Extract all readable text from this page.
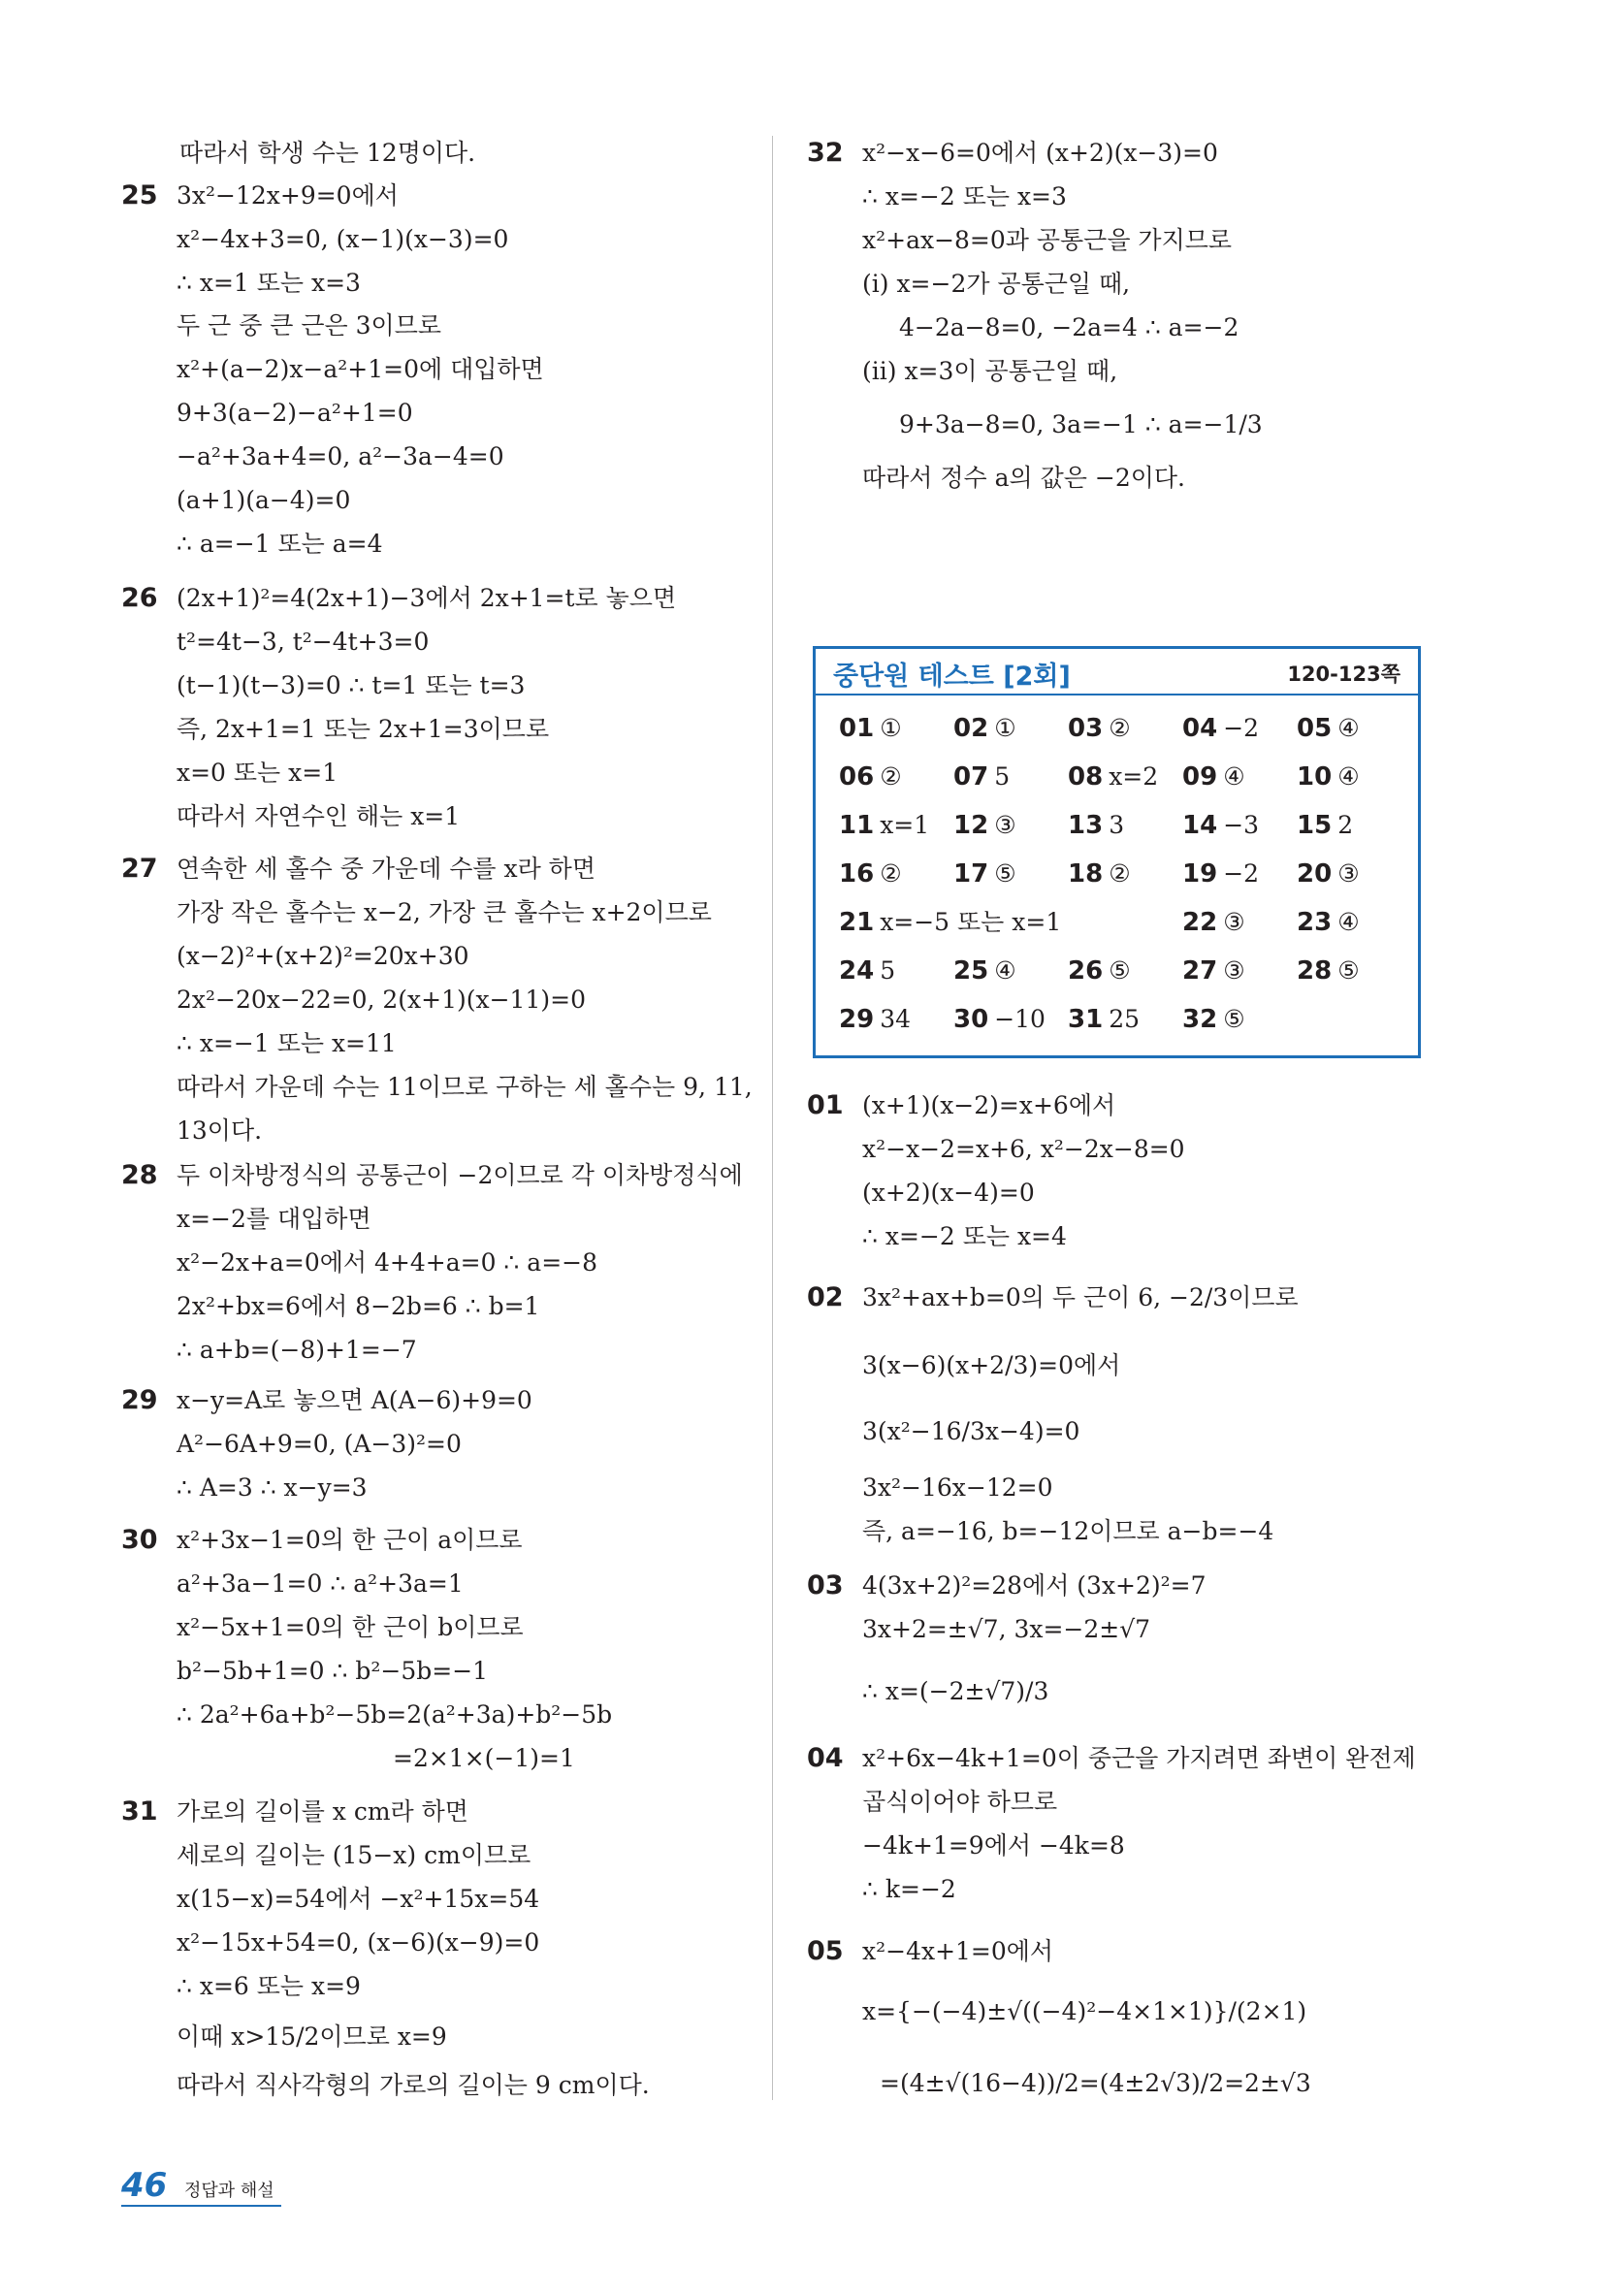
따라서 학생 수는 12명이다.
25 3x²−12x+9=0에서
x²−4x+3=0, (x−1)(x−3)=0
∴ x=1 또는 x=3
두 근 중 큰 근은 3이므로
x²+(a−2)x−a²+1=0에 대입하면
9+3(a−2)−a²+1=0
−a²+3a+4=0, a²−3a−4=0
(a+1)(a−4)=0
∴ a=−1 또는 a=4
26 (2x+1)²=4(2x+1)−3에서 2x+1=t로 놓으면
t²=4t−3, t²−4t+3=0
(t−1)(t−3)=0 ∴ t=1 또는 t=3
즉, 2x+1=1 또는 2x+1=3이므로
x=0 또는 x=1
따라서 자연수인 해는 x=1
27 연속한 세 홀수 중 가운데 수를 x라 하면
가장 작은 홀수는 x−2, 가장 큰 홀수는 x+2이므로
(x−2)²+(x+2)²=20x+30
2x²−20x−22=0, 2(x+1)(x−11)=0
∴ x=−1 또는 x=11
따라서 가운데 수는 11이므로 구하는 세 홀수는 9, 11,
13이다.
28 두 이차방정식의 공통근이 −2이므로 각 이차방정식에
x=−2를 대입하면
x²−2x+a=0에서 4+4+a=0 ∴ a=−8
2x²+bx=6에서 8−2b=6 ∴ b=1
∴ a+b=(−8)+1=−7
29 x−y=A로 놓으면 A(A−6)+9=0
A²−6A+9=0, (A−3)²=0
∴ A=3 ∴ x−y=3
30 x²+3x−1=0의 한 근이 a이므로
a²+3a−1=0 ∴ a²+3a=1
x²−5x+1=0의 한 근이 b이므로
b²−5b+1=0 ∴ b²−5b=−1
∴ 2a²+6a+b²−5b=2(a²+3a)+b²−5b
=2×1×(−1)=1
31 가로의 길이를 x cm라 하면
세로의 길이는 (15−x) cm이므로
x(15−x)=54에서 −x²+15x=54
x²−15x+54=0, (x−6)(x−9)=0
∴ x=6 또는 x=9
이때 x>15/2이므로 x=9
따라서 직사각형의 가로의 길이는 9 cm이다.
32 x²−x−6=0에서 (x+2)(x−3)=0
∴ x=−2 또는 x=3
x²+ax−8=0과 공통근을 가지므로
(i) x=−2가 공통근일 때,
4−2a−8=0, −2a=4 ∴ a=−2
(ii) x=3이 공통근일 때,
9+3a−8=0, 3a=−1 ∴ a=−1/3
따라서 정수 a의 값은 −2이다.
중단원 테스트 [2회]	120-123쪽
01 ① 02 ① 03 ② 04 −2 05 ④
06 ② 07 5 08 x=2 09 ④ 10 ④
11 x=1 12 ③ 13 3 14 −3 15 2
16 ② 17 ⑤ 18 ② 19 −2 20 ③
21 x=−5 또는 x=1	22 ③ 23 ④
24 5 25 ④ 26 ⑤ 27 ③ 28 ⑤
29 34 30 −10 31 25 32 ⑤
01 (x+1)(x−2)=x+6에서
x²−x−2=x+6, x²−2x−8=0
(x+2)(x−4)=0
∴ x=−2 또는 x=4
02 3x²+ax+b=0의 두 근이 6, −2/3이므로
3(x−6)(x+2/3)=0에서
3(x²−16/3x−4)=0
3x²−16x−12=0
즉, a=−16, b=−12이므로 a−b=−4
03 4(3x+2)²=28에서 (3x+2)²=7
3x+2=±√7, 3x=−2±√7
∴ x=(−2±√7)/3
04 x²+6x−4k+1=0이 중근을 가지려면 좌변이 완전제
곱식이어야 하므로
−4k+1=9에서 −4k=8
∴ k=−2
05 x²−4x+1=0에서
x={−(−4)±√((−4)²−4×1×1)}/(2×1)
=(4±√(16−4))/2=(4±2√3)/2=2±√3
46 정답과 해설
